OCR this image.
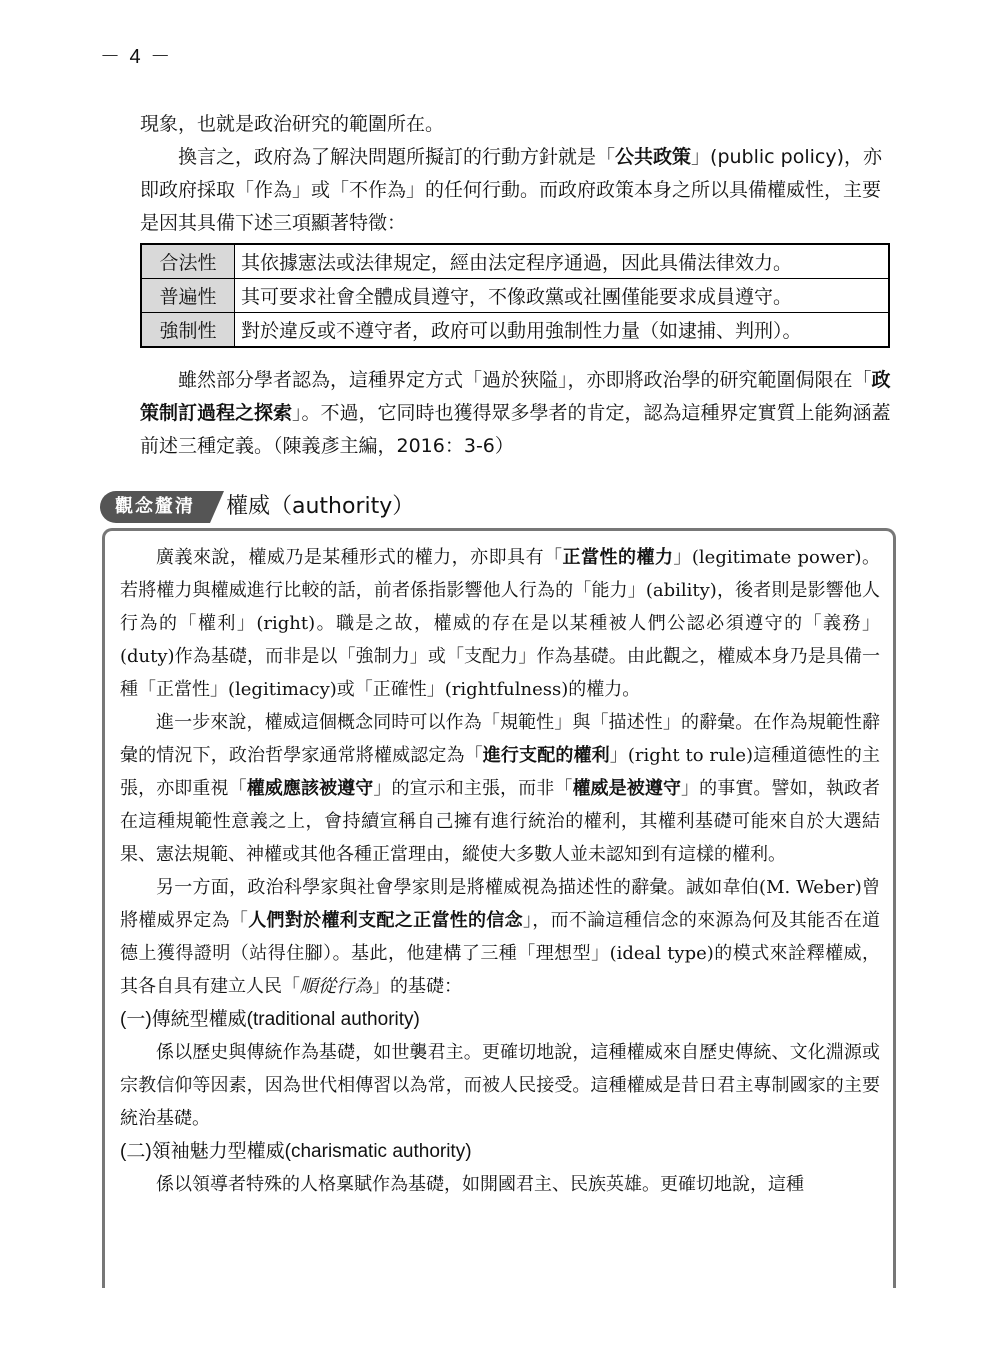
－ 4 －

現象，也就是政治研究的範圍所在。

換言之，政府為了解決問題所擬訂的行動方針就是「公共政策」(public policy)，亦即政府採取「作為」或「不作為」的任何行動。而政府政策本身之所以具備權威性，主要是因其具備下述三項顯著特徵：

合法性	其依據憲法或法律規定，經由法定程序通過，因此具備法律效力。
普遍性	其可要求社會全體成員遵守，不像政黨或社團僅能要求成員遵守。
強制性	對於違反或不遵守者，政府可以動用強制性力量（如逮捕、判刑）。

雖然部分學者認為，這種界定方式「過於狹隘」，亦即將政治學的研究範圍侷限在「政策制訂過程之探索」。不過，它同時也獲得眾多學者的肯定，認為這種界定實質上能夠涵蓋前述三種定義。（陳義彥主編，2016：3-6）

觀念釐清	權威（authority）

廣義來說，權威乃是某種形式的權力，亦即具有「正當性的權力」(legitimate power)。若將權力與權威進行比較的話，前者係指影響他人行為的「能力」(ability)，後者則是影響他人行為的「權利」(right)。職是之故，權威的存在是以某種被人們公認必須遵守的「義務」(duty)作為基礎，而非是以「強制力」或「支配力」作為基礎。由此觀之，權威本身乃是具備一種「正當性」(legitimacy)或「正確性」(rightfulness)的權力。

進一步來說，權威這個概念同時可以作為「規範性」與「描述性」的辭彙。在作為規範性辭彙的情況下，政治哲學家通常將權威認定為「進行支配的權利」(right to rule)這種道德性的主張，亦即重視「權威應該被遵守」的宣示和主張，而非「權威是被遵守」的事實。譬如，執政者在這種規範性意義之上，會持續宣稱自己擁有進行統治的權利，其權利基礎可能來自於大選結果、憲法規範、神權或其他各種正當理由，縱使大多數人並未認知到有這樣的權利。

另一方面，政治科學家與社會學家則是將權威視為描述性的辭彙。誠如韋伯(M. Weber)曾將權威界定為「人們對於權利支配之正當性的信念」，而不論這種信念的來源為何及其能否在道德上獲得證明（站得住腳）。基此，他建構了三種「理想型」(ideal type)的模式來詮釋權威，其各自具有建立人民「順從行為」的基礎：

(一)傳統型權威(traditional authority)

係以歷史與傳統作為基礎，如世襲君主。更確切地說，這種權威來自歷史傳統、文化淵源或宗教信仰等因素，因為世代相傳習以為常，而被人民接受。這種權威是昔日君主專制國家的主要統治基礎。

(二)領袖魅力型權威(charismatic authority)

係以領導者特殊的人格稟賦作為基礎，如開國君主、民族英雄。更確切地說，這種
